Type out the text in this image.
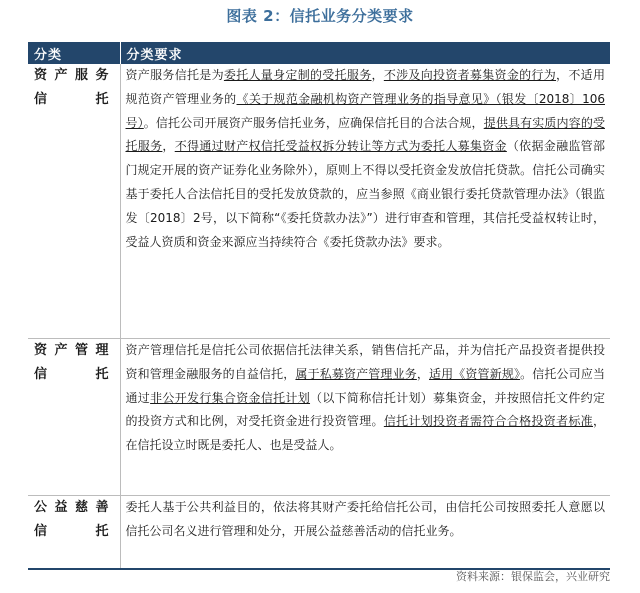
图表 2：信托业务分类要求
分类	分类要求
资产服务信托	资产服务信托是为委托人量身定制的受托服务，不涉及向投资者募集资金的行为，不适用规范资产管理业务的《关于规范金融机构资产管理业务的指导意见》（银发〔2018〕106号）。信托公司开展资产服务信托业务，应确保信托目的合法合规，提供具有实质内容的受托服务，不得通过财产权信托受益权拆分转让等方式为委托人募集资金（依据金融监管部门规定开展的资产证券化业务除外），原则上不得以受托资金发放信托贷款。信托公司确实基于委托人合法信托目的受托发放贷款的，应当参照《商业银行委托贷款管理办法》（银监发〔2018〕2号，以下简称“《委托贷款办法》”）进行审查和管理，其信托受益权转让时，受益人资质和资金来源应当持续符合《委托贷款办法》要求。
资产管理信托	资产管理信托是信托公司依据信托法律关系，销售信托产品，并为信托产品投资者提供投资和管理金融服务的自益信托，属于私募资产管理业务，适用《资管新规》。信托公司应当通过非公开发行集合资金信托计划（以下简称信托计划）募集资金，并按照信托文件约定的投资方式和比例，对受托资金进行投资管理。信托计划投资者需符合合格投资者标准，在信托设立时既是委托人、也是受益人。
公益慈善信托	委托人基于公共利益目的，依法将其财产委托给信托公司，由信托公司按照委托人意愿以信托公司名义进行管理和处分，开展公益慈善活动的信托业务。
资料来源：银保监会，兴业研究
